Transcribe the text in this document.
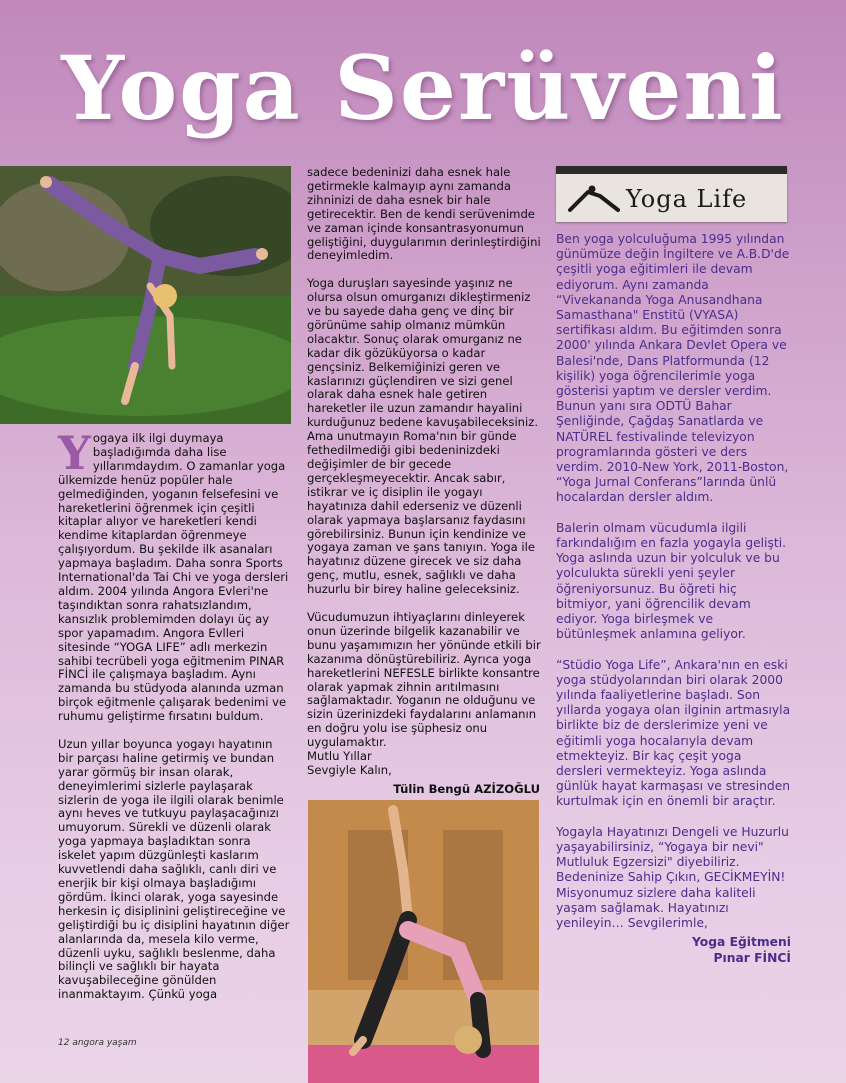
Yoga Serüveni

Yogaya ilk ilgi duymaya başladığımda daha lise yıllarımdaydım. O zamanlar yoga ülkemizde henüz popüler hale gelmediğinden, yoganın felsefesini ve hareketlerini öğrenmek için çeşitli kitaplar alıyor ve hareketleri kendi kendime kitaplardan öğrenmeye çalışıyordum. Bu şekilde ilk asanaları yapmaya başladım. Daha sonra Sports International'da Tai Chi ve yoga dersleri aldım. 2004 yılında Angora Evleri'ne taşındıktan sonra rahatsızlandım, kansızlık problemimden dolayı üç ay spor yapamadım. Angora Evlleri sitesinde “YOGA LIFE” adlı merkezin sahibi tecrübeli yoga eğitmenim PINAR FİNCİ ile çalışmaya başladım. Aynı zamanda bu stüdyoda alanında uzman birçok eğitmenle çalışarak bedenimi ve ruhumu geliştirme fırsatını buldum.

Uzun yıllar boyunca yogayı hayatının bir parçası haline getirmiş ve bundan yarar görmüş bir insan olarak, deneyimlerimi sizlerle paylaşarak sizlerin de yoga ile ilgili olarak benimle aynı heves ve tutkuyu paylaşacağınızı umuyorum. Sürekli ve düzenli olarak yoga yapmaya başladıktan sonra iskelet yapım düzgünleşti kaslarım kuvvetlendi daha sağlıklı, canlı diri ve enerjik bir kişi olmaya başladığımı gördüm. İkinci olarak, yoga sayesinde herkesin iç disiplinini geliştireceğine ve geliştirdiği bu iç disiplini hayatının diğer alanlarında da, mesela kilo verme, düzenli uyku, sağlıklı beslenme, daha bilinçli ve sağlıklı bir hayata kavuşabileceğine gönülden inanmaktayım. Çünkü yoga

sadece bedeninizi daha esnek hale getirmekle kalmayıp aynı zamanda zihninizi de daha esnek bir hale getirecektir. Ben de kendi serüvenimde ve zaman içinde konsantrasyonumun geliştiğini, duygularımın derinleştirdiğini deneyimledim.

Yoga duruşları sayesinde yaşınız ne olursa olsun omurganızı dikleştirmeniz ve bu sayede daha genç ve dinç bir görünüme sahip olmanız mümkün olacaktır. Sonuç olarak omurganız ne kadar dik gözüküyorsa o kadar gençsiniz. Belkemiğinizi geren ve kaslarınızı güçlendiren ve sizi genel olarak daha esnek hale getiren hareketler ile uzun zamandır hayalini kurduğunuz bedene kavuşabileceksiniz. Ama unutmayın Roma'nın bir günde fethedilmediği gibi bedeninizdeki değişimler de bir gecede gerçekleşmeyecektir. Ancak sabır, istikrar ve iç disiplin ile yogayı hayatınıza dahil ederseniz ve düzenli olarak yapmaya başlarsanız faydasını görebilirsiniz. Bunun için kendinize ve yogaya zaman ve şans tanıyın. Yoga ile hayatınız düzene girecek ve siz daha genç, mutlu, esnek, sağlıklı ve daha huzurlu bir birey haline geleceksiniz.

Vücudumuzun ihtiyaçlarını dinleyerek onun üzerinde bilgelik kazanabilir ve bunu yaşamımızın her yönünde etkili bir kazanıma dönüştürebiliriz. Ayrıca yoga hareketlerini NEFESLE birlikte konsantre olarak yapmak zihnin arıtılmasını sağlamaktadır. Yoganın ne olduğunu ve sizin üzerinizdeki faydalarını anlamanın en doğru yolu ise şüphesiz onu uygulamaktır.

Mutlu Yıllar
Sevgiyle Kalın,
Tülin Bengü AZİZOĞLU
Yoga Life

Ben yoga yolculuğuma 1995 yılından günümüze değin İngiltere ve A.B.D'de çeşitli yoga eğitimleri ile devam ediyorum. Aynı zamanda “Vivekananda Yoga Anusandhana Samasthana" Enstitü (VYASA) sertifikası aldım. Bu eğitimden sonra 2000' yılında Ankara Devlet Opera ve Balesi'nde, Dans Platformunda (12 kişilik) yoga öğrencilerimle yoga gösterisi yaptım ve dersler verdim. Bunun yanı sıra ODTÜ Bahar Şenliğinde, Çağdaş Sanatlarda ve NATÜREL festivalinde televizyon programlarında gösteri ve ders verdim. 2010-New York, 2011-Boston, “Yoga Jurnal Conferans”larında ünlü hocalardan dersler aldım.

Balerin olmam vücudumla ilgili farkındalığım en fazla yogayla gelişti. Yoga aslında uzun bir yolculuk ve bu yolculukta sürekli yeni şeyler öğreniyorsunuz. Bu öğreti hiç bitmiyor, yani öğrencilik devam ediyor. Yoga birleşmek ve bütünleşmek anlamına geliyor.

“Stüdio Yoga Life”, Ankara'nın en eski yoga stüdyolarından biri olarak 2000 yılında faaliyetlerine başladı. Son yıllarda yogaya olan ilginin artmasıyla birlikte biz de derslerimize yeni ve eğitimli yoga hocalarıyla devam etmekteyiz. Bir kaç çeşit yoga dersleri vermekteyiz. Yoga aslında günlük hayat karmaşası ve stresinden kurtulmak için en önemli bir araçtır.

Yogayla Hayatınızı Dengeli ve Huzurlu yaşayabilirsiniz, “Yogaya bir nevi" Mutluluk Egzersizi" diyebiliriz. Bedeninize Sahip Çıkın, GECİKMEYİN! Misyonumuz sizlere daha kaliteli yaşam sağlamak. Hayatınızı yenileyin… Sevgilerimle,

Yoga Eğitmeni
Pınar FİNCİ
12 angora yaşam
